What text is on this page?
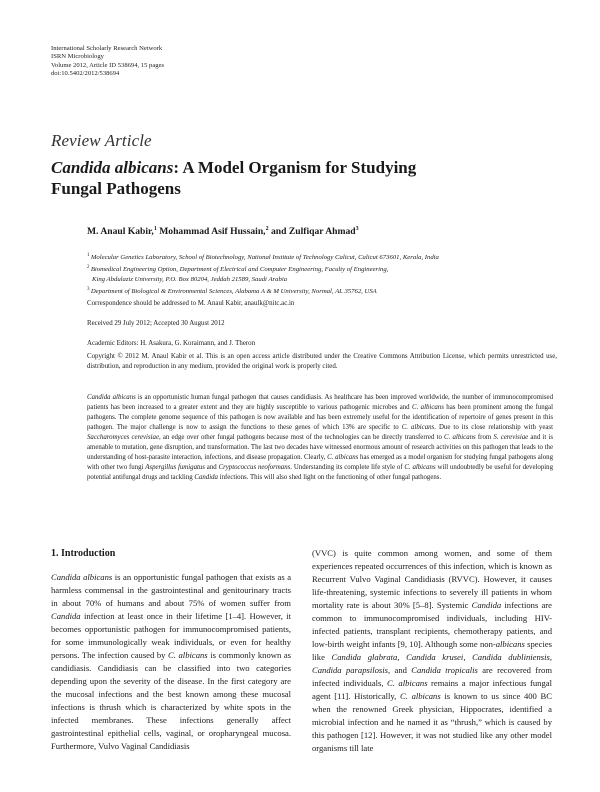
International Scholarly Research Network
ISRN Microbiology
Volume 2012, Article ID 538694, 15 pages
doi:10.5402/2012/538694
Review Article
Candida albicans: A Model Organism for Studying Fungal Pathogens
M. Anaul Kabir,$^1$ Mohammad Asif Hussain,$^2$ and Zulfiqar Ahmad$^3$
$^1$ Molecular Genetics Laboratory, School of Biotechnology, National Institute of Technology Calicut, Calicut 673601, Kerala, India
$^2$ Biomedical Engineering Option, Department of Electrical and Computer Engineering, Faculty of Engineering,
King Abdulaziz University, P.O. Box 80204, Jeddah 21589, Saudi Arabia
$^3$ Department of Biological & Environmental Sciences, Alabama A & M University, Normal, AL 35762, USA
Correspondence should be addressed to M. Anaul Kabir, anaulk@nitc.ac.in
Received 29 July 2012; Accepted 30 August 2012
Academic Editors: H. Asakura, G. Koraimann, and J. Theron
Copyright © 2012 M. Anaul Kabir et al. This is an open access article distributed under the Creative Commons Attribution License, which permits unrestricted use, distribution, and reproduction in any medium, provided the original work is properly cited.
Candida albicans is an opportunistic human fungal pathogen that causes candidiasis. As healthcare has been improved worldwide, the number of immunocompromised patients has been increased to a greater extent and they are highly susceptible to various pathogenic microbes and C. albicans has been prominent among the fungal pathogens. The complete genome sequence of this pathogen is now available and has been extremely useful for the identification of repertoire of genes present in this pathogen. The major challenge is now to assign the functions to these genes of which 13% are specific to C. albicans. Due to its close relationship with yeast Saccharomyces cerevisiae, an edge over other fungal pathogens because most of the technologies can be directly transferred to C. albicans from S. cerevisiae and it is amenable to mutation, gene disruption, and transformation. The last two decades have witnessed enormous amount of research activities on this pathogen that leads to the understanding of host-parasite interaction, infections, and disease propagation. Clearly, C. albicans has emerged as a model organism for studying fungal pathogens along with other two fungi Aspergillus fumigatus and Cryptococcus neoformans. Understanding its complete life style of C. albicans will undoubtedly be useful for developing potential antifungal drugs and tackling Candida infections. This will also shed light on the functioning of other fungal pathogens.
1. Introduction
Candida albicans is an opportunistic fungal pathogen that exists as a harmless commensal in the gastrointestinal and genitourinary tracts in about 70% of humans and about 75% of women suffer from Candida infection at least once in their lifetime [1–4]. However, it becomes opportunistic pathogen for immunocompromised patients, for some immunologically weak individuals, or even for healthy persons. The infection caused by C. albicans is commonly known as candidiasis. Candidiasis can be classified into two categories depending upon the severity of the disease. In the first category are the mucosal infections and the best known among these mucosal infections is thrush which is characterized by white spots in the infected membranes. These infections generally affect gastrointestinal epithelial cells, vaginal, or oropharyngeal mucosa. Furthermore, Vulvo Vaginal Candidiasis
(VVC) is quite common among women, and some of them experiences repeated occurrences of this infection, which is known as Recurrent Vulvo Vaginal Candidiasis (RVVC). However, it causes life-threatening, systemic infections to severely ill patients in whom mortality rate is about 30% [5–8]. Systemic Candida infections are common to immunocompromised individuals, including HIV-infected patients, transplant recipients, chemotherapy patients, and low-birth weight infants [9, 10]. Although some non-albicans species like Candida glabrata, Candida krusei, Candida dubliniensis, Candida parapsilosis, and Candida tropicalis are recovered from infected individuals, C. albicans remains a major infectious fungal agent [11]. Historically, C. albicans is known to us since 400 BC when the renowned Greek physician, Hippocrates, identified a microbial infection and he named it as “thrush,” which is caused by this pathogen [12]. However, it was not studied like any other model organisms till late
